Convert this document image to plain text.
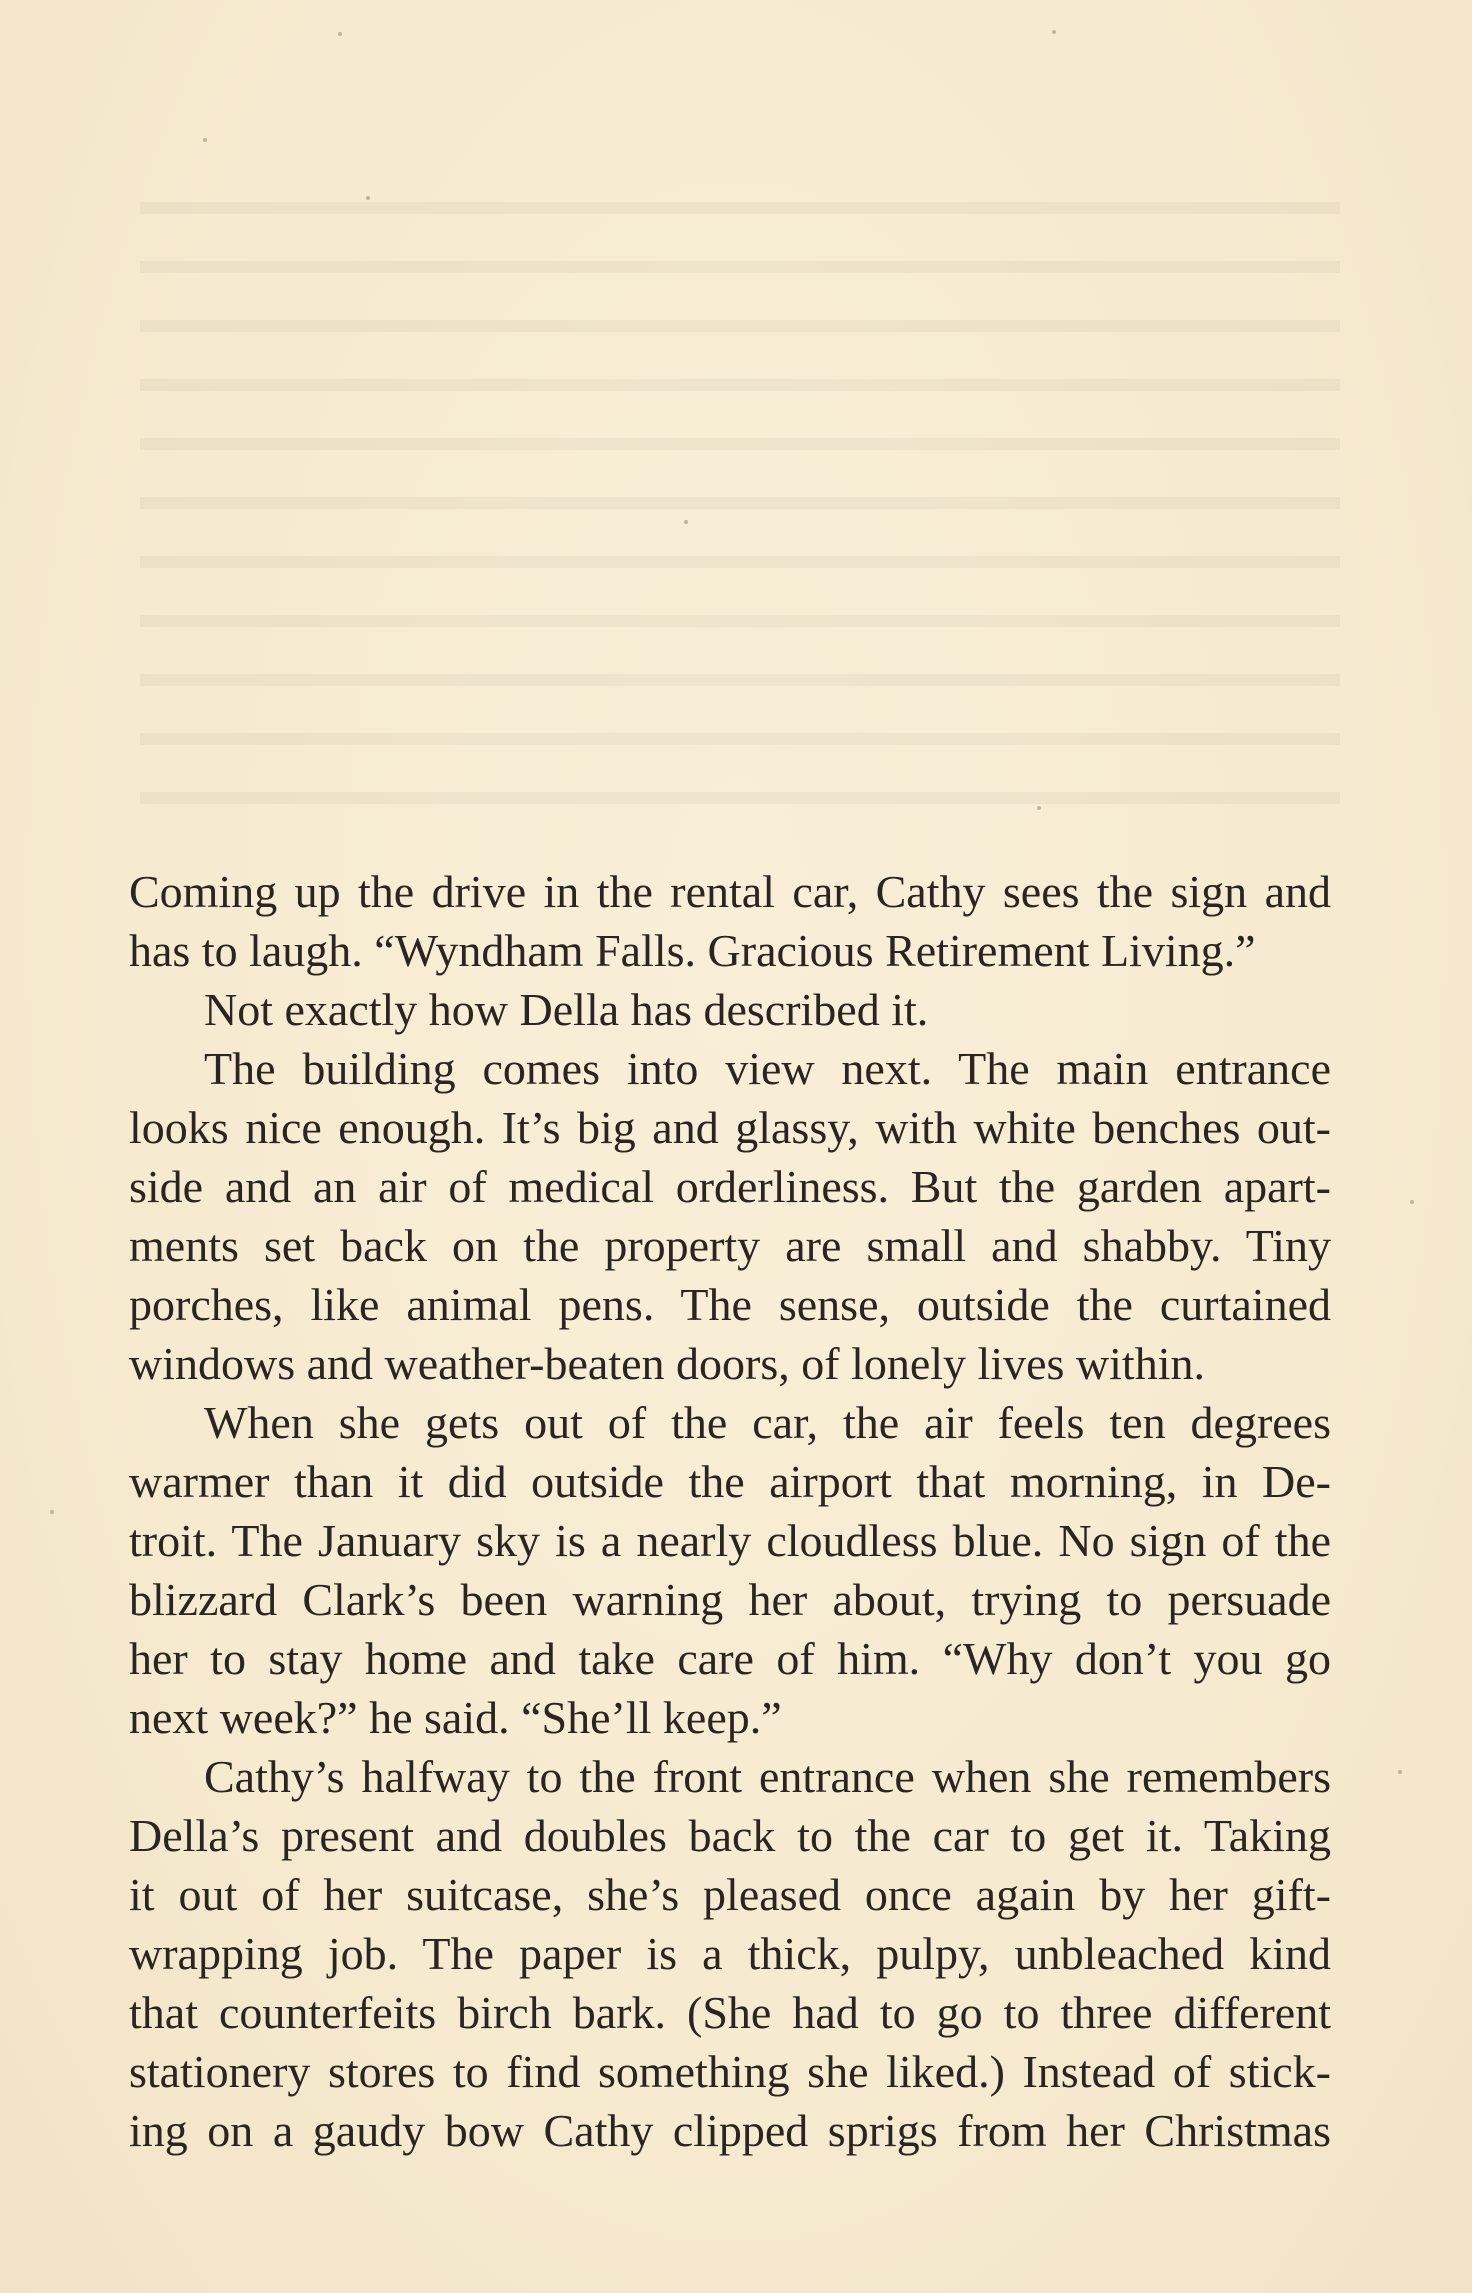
Coming up the drive in the rental car, Cathy sees the sign and
has to laugh. “Wyndham Falls. Gracious Retirement Living.”
Not exactly how Della has described it.
The building comes into view next. The main entrance
looks nice enough. It’s big and glassy, with white benches out-
side and an air of medical orderliness. But the garden apart-
ments set back on the property are small and shabby. Tiny
porches, like animal pens. The sense, outside the curtained
windows and weather-beaten doors, of lonely lives within.
When she gets out of the car, the air feels ten degrees
warmer than it did outside the airport that morning, in De-
troit. The January sky is a nearly cloudless blue. No sign of the
blizzard Clark’s been warning her about, trying to persuade
her to stay home and take care of him. “Why don’t you go
next week?” he said. “She’ll keep.”
Cathy’s halfway to the front entrance when she remembers
Della’s present and doubles back to the car to get it. Taking
it out of her suitcase, she’s pleased once again by her gift-
wrapping job. The paper is a thick, pulpy, unbleached kind
that counterfeits birch bark. (She had to go to three different
stationery stores to find something she liked.) Instead of stick-
ing on a gaudy bow Cathy clipped sprigs from her Christmas
